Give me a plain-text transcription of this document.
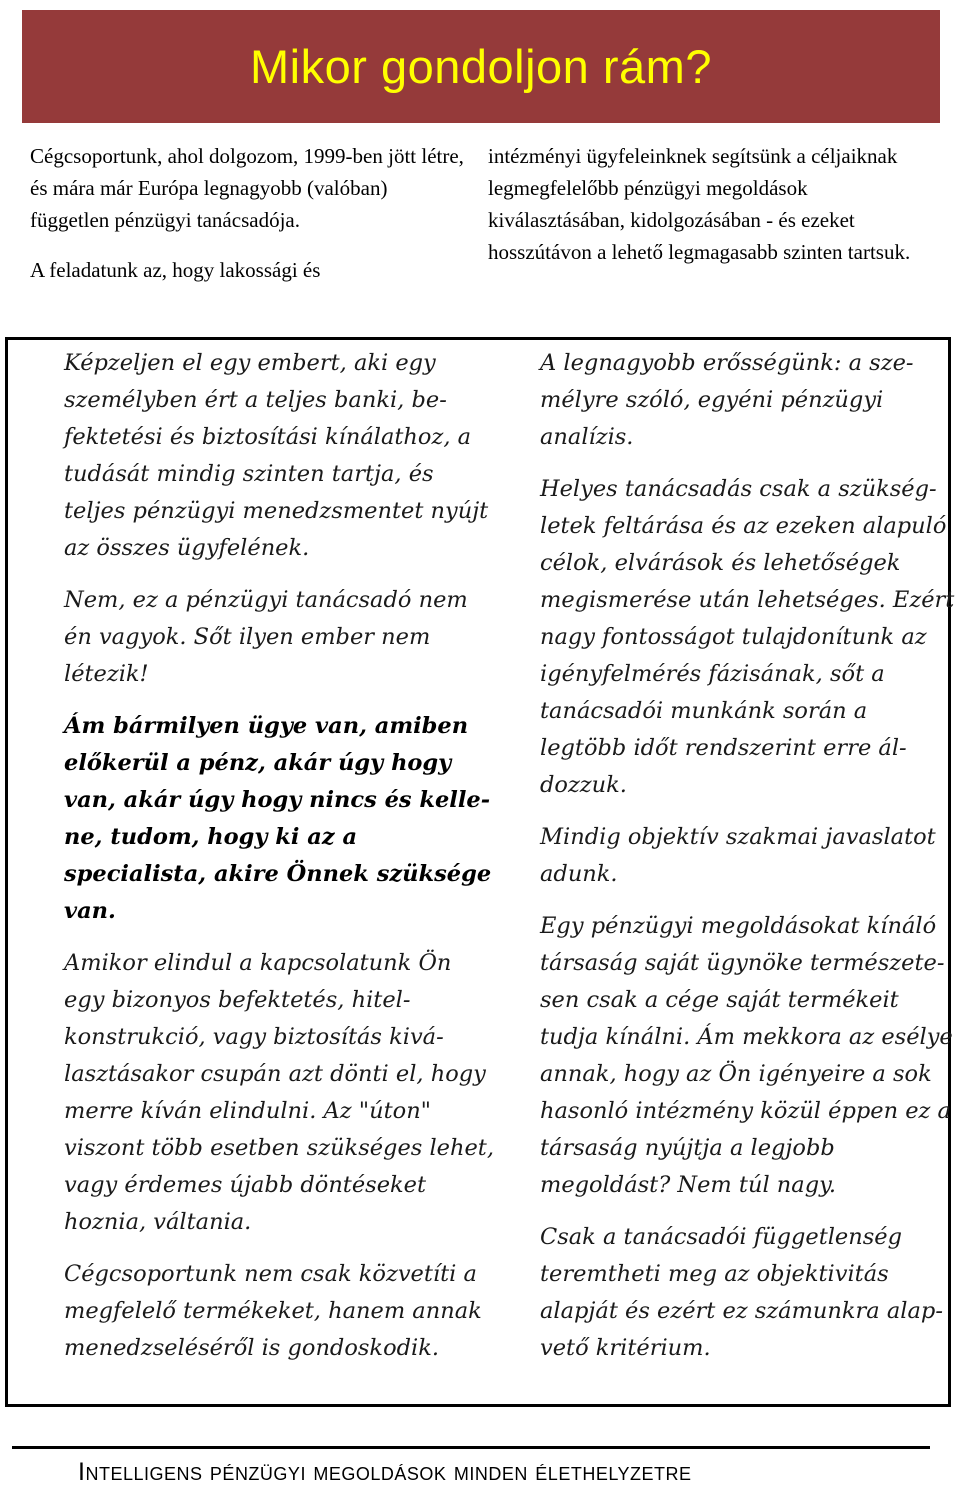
Mikor gondoljon rám?

Cégcsoportunk, ahol dolgozom, 1999-ben jött létre, és mára már Európa legnagyobb (valóban) független pénzügyi tanácsadója.

A feladatunk az, hogy lakossági és

intézményi ügyfeleinknek segítsünk a céljaiknak legmegfelelőbb pénzügyi megoldások kiválasztásában, kidolgozásában - és ezeket hosszútávon a lehető legmagasabb szinten tartsuk.

Képzeljen el egy embert, aki egy személyben ért a teljes banki, befektetési és biztosítási kínálathoz, a tudását mindig szinten tartja, és teljes pénzügyi menedzsmentet nyújt az összes ügyfelének.

Nem, ez a pénzügyi tanácsadó nem én vagyok. Sőt ilyen ember nem létezik!

Ám bármilyen ügye van, amiben előkerül a pénz, akár úgy hogy van, akár úgy hogy nincs és kellene, tudom, hogy ki az a specialista, akire Önnek szüksége van.

Amikor elindul a kapcsolatunk Ön egy bizonyos befektetés, hitelkonstrukció, vagy biztosítás kiválasztásakor csupán azt dönti el, hogy merre kíván elindulni. Az "úton" viszont több esetben szükséges lehet, vagy érdemes újabb döntéseket hoznia, váltania.

Cégcsoportunk nem csak közvetíti a megfelelő termékeket, hanem annak menedzseléséről is gondoskodik.

A legnagyobb erősségünk: a személyre szóló, egyéni pénzügyi analízis.

Helyes tanácsadás csak a szükségletek feltárása és az ezeken alapuló célok, elvárások és lehetőségek megismerése után lehetséges. Ezért nagy fontosságot tulajdonítunk az igényfelmérés fázisának, sőt a tanácsadói munkánk során a legtöbb időt rendszerint erre áldozzuk.

Mindig objektív szakmai javaslatot adunk.

Egy pénzügyi megoldásokat kínáló társaság saját ügynöke természetesen csak a cége saját termékeit tudja kínálni. Ám mekkora az esélye annak, hogy az Ön igényeire a sok hasonló intézmény közül éppen ez a társaság nyújtja a legjobb megoldást? Nem túl nagy.

Csak a tanácsadói függetlenség teremtheti meg az objektivitás alapját és ezért ez számunkra alapvető kritérium.

Intelligens pénzügyi megoldások minden élethelyzetre
